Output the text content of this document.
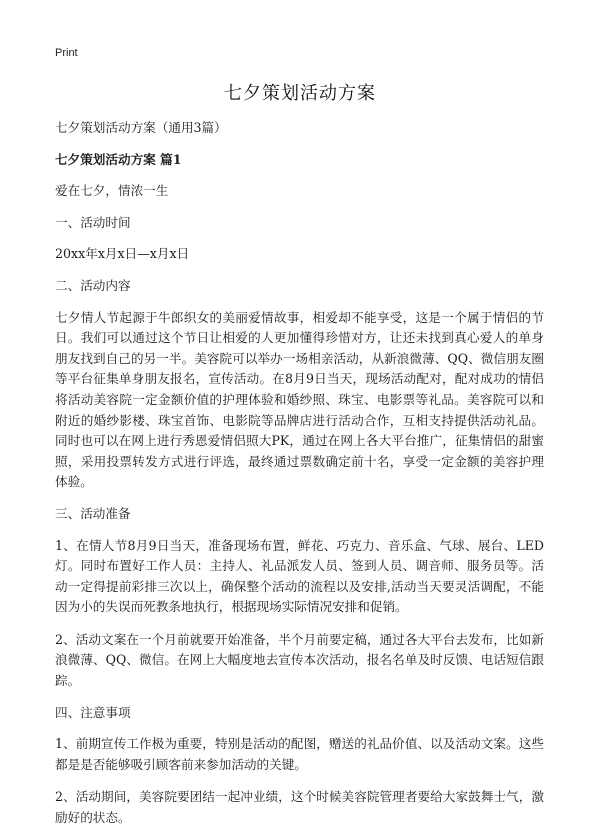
Print
七夕策划活动方案

七夕策划活动方案（通用3篇）

七夕策划活动方案 篇1

爱在七夕，情浓一生

一、活动时间

20xx年x月x日—x月x日

二、活动内容

七夕情人节起源于牛郎织女的美丽爱情故事，相爱却不能享受，这是一个属于情侣的节日。我们可以通过这个节日让相爱的人更加懂得珍惜对方，让还未找到真心爱人的单身朋友找到自己的另一半。美容院可以举办一场相亲活动，从新浪微薄、QQ、微信朋友圈等平台征集单身朋友报名，宣传活动。在8月9日当天，现场活动配对，配对成功的情侣将活动美容院一定金额价值的护理体验和婚纱照、珠宝、电影票等礼品。美容院可以和附近的婚纱影楼、珠宝首饰、电影院等品牌店进行活动合作，互相支持提供活动礼品。同时也可以在网上进行秀恩爱情侣照大PK，通过在网上各大平台推广，征集情侣的甜蜜照，采用投票转发方式进行评选，最终通过票数确定前十名，享受一定金额的美容护理体验。

三、活动准备

1、在情人节8月9日当天，准备现场布置，鲜花、巧克力、音乐盒、气球、展台、LED灯。同时布置好工作人员：主持人、礼品派发人员、签到人员、调音师、服务员等。活动一定得提前彩排三次以上，确保整个活动的流程以及安排,活动当天要灵活调配，不能因为小的失误而死教条地执行，根据现场实际情况安排和促销。

2、活动文案在一个月前就要开始准备，半个月前要定稿，通过各大平台去发布，比如新浪微薄、QQ、微信。在网上大幅度地去宣传本次活动，报名名单及时反馈、电话短信跟踪。

四、注意事项

1、前期宣传工作极为重要，特别是活动的配图，赠送的礼品价值、以及活动文案。这些都是是否能够吸引顾客前来参加活动的关键。

2、活动期间，美容院要团结一起冲业绩，这个时候美容院管理者要给大家鼓舞士气，激励好的状态。
